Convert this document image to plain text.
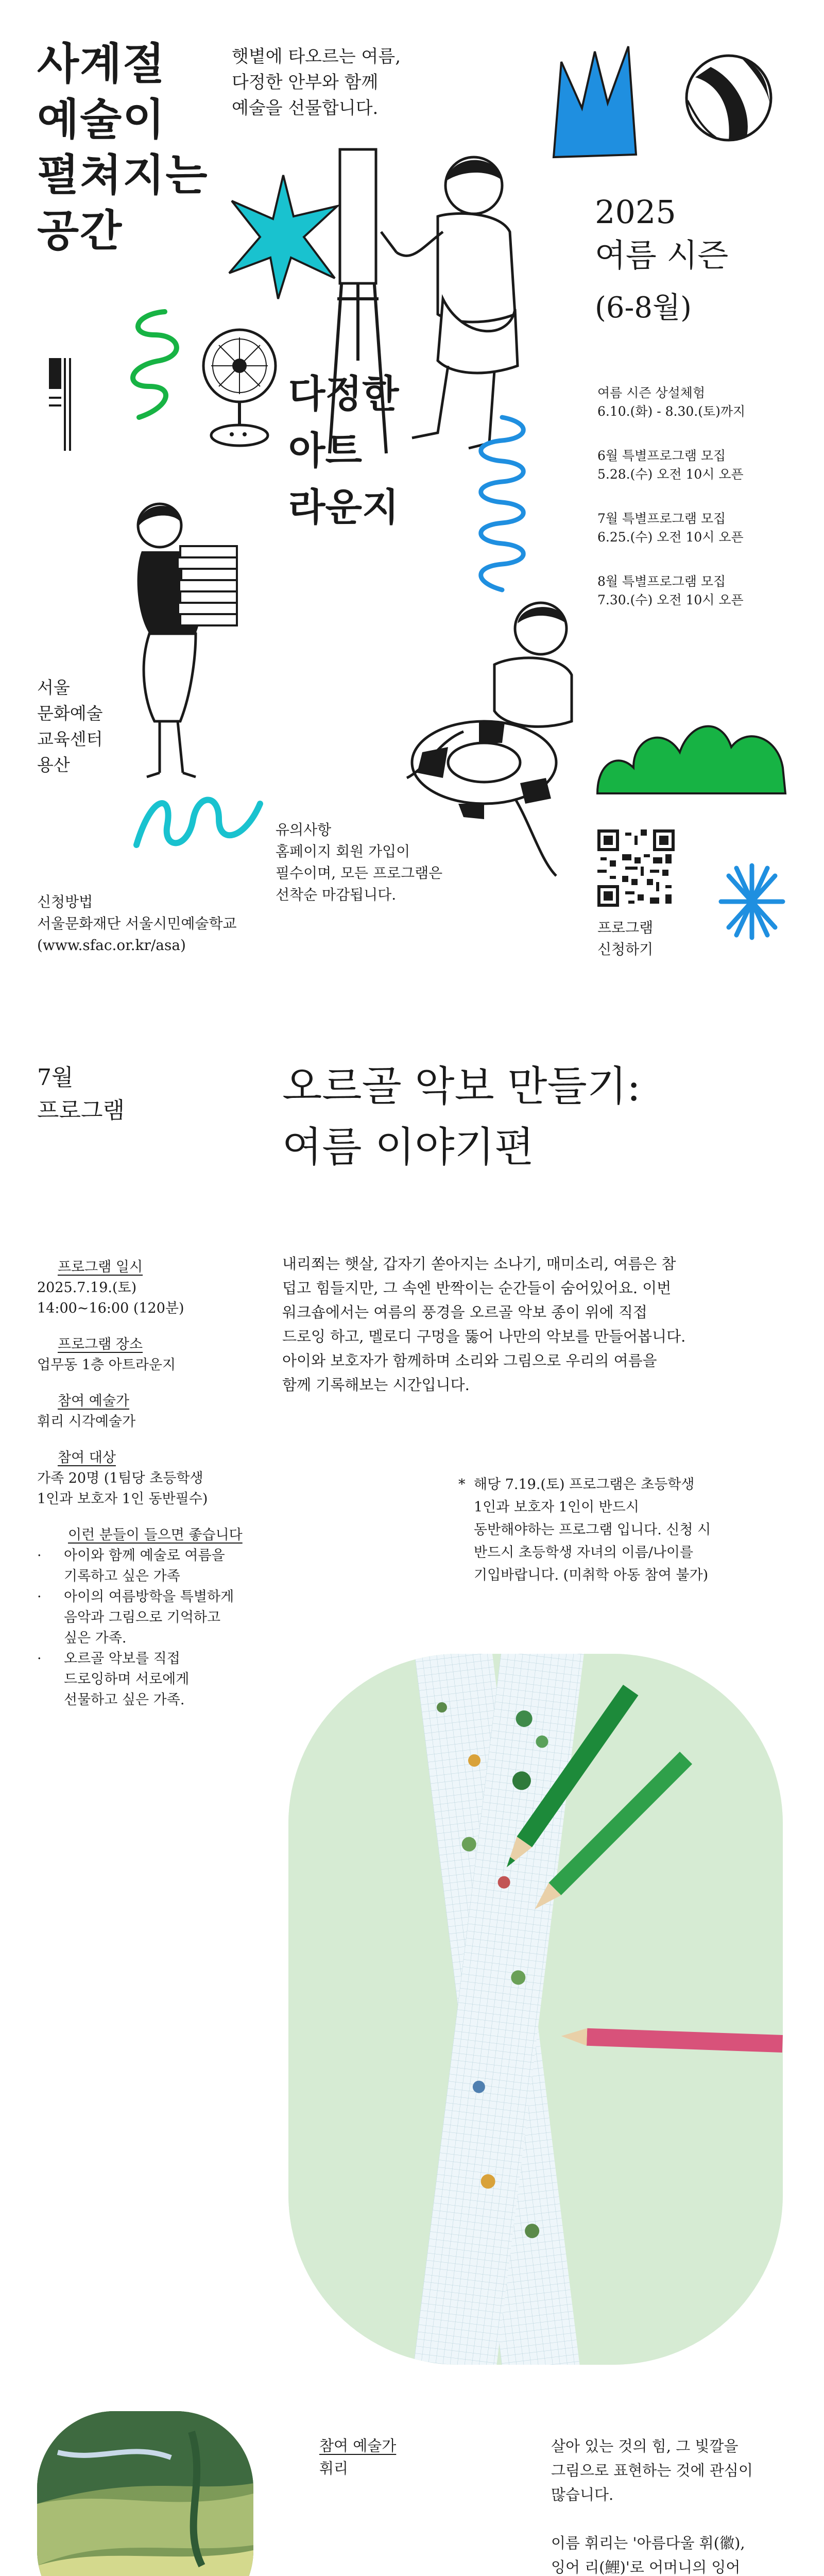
사계절
예술이
펼쳐지는
공간
햇볕에 타오르는 여름,
다정한 안부와 함께
예술을 선물합니다.
2025
여름 시즌
(6-8월)
여름 시즌 상설체험
6.10.(화) - 8.30.(토)까지
6월 특별프로그램 모집
5.28.(수) 오전 10시 오픈
7월 특별프로그램 모집
6.25.(수) 오전 10시 오픈
8월 특별프로그램 모집
7.30.(수) 오전 10시 오픈
다정한
아트
라운지
서울
문화예술
교육센터
용산
유의사항
홈페이지 회원 가입이
필수이며, 모든 프로그램은
선착순 마감됩니다.
신청방법
서울문화재단 서울시민예술학교
(www.sfac.or.kr/asa)
프로그램
신청하기
7월
프로그램
오르골 악보 만들기:
여름 이야기편
프로그램 일시
2025.7.19.(토)
14:00~16:00 (120분)
프로그램 장소
업무동 1층 아트라운지
참여 예술가
휘리 시각예술가
참여 대상
가족 20명 (1팀당 초등학생
1인과 보호자 1인 동반필수)
이런 분들이 들으면 좋습니다
· 아이와 함께 예술로 여름을
기록하고 싶은 가족
· 아이의 여름방학을 특별하게
음악과 그림으로 기억하고
싶은 가족.
· 오르골 악보를 직접
드로잉하며 서로에게
선물하고 싶은 가족.
내리쬐는 햇살, 갑자기 쏟아지는 소나기, 매미소리, 여름은 참
덥고 힘들지만, 그 속엔 반짝이는 순간들이 숨어있어요. 이번
워크숍에서는 여름의 풍경을 오르골 악보 종이 위에 직접
드로잉 하고, 멜로디 구멍을 뚫어 나만의 악보를 만들어봅니다.
아이와 보호자가 함께하며 소리와 그림으로 우리의 여름을
함께 기록해보는 시간입니다.
* 해당 7.19.(토) 프로그램은 초등학생
1인과 보호자 1인이 반드시
동반해야하는 프로그램 입니다. 신청 시
반드시 초등학생 자녀의 이름/나이를
기입바랍니다. (미취학 아동 참여 불가)
참여 예술가
휘리
살아 있는 것의 힘, 그 빛깔을
그림으로 표현하는 것에 관심이
많습니다.
이름 휘리는 '아름다울 휘(徽),
잉어 리(鯉)'로 어머니의 잉어
